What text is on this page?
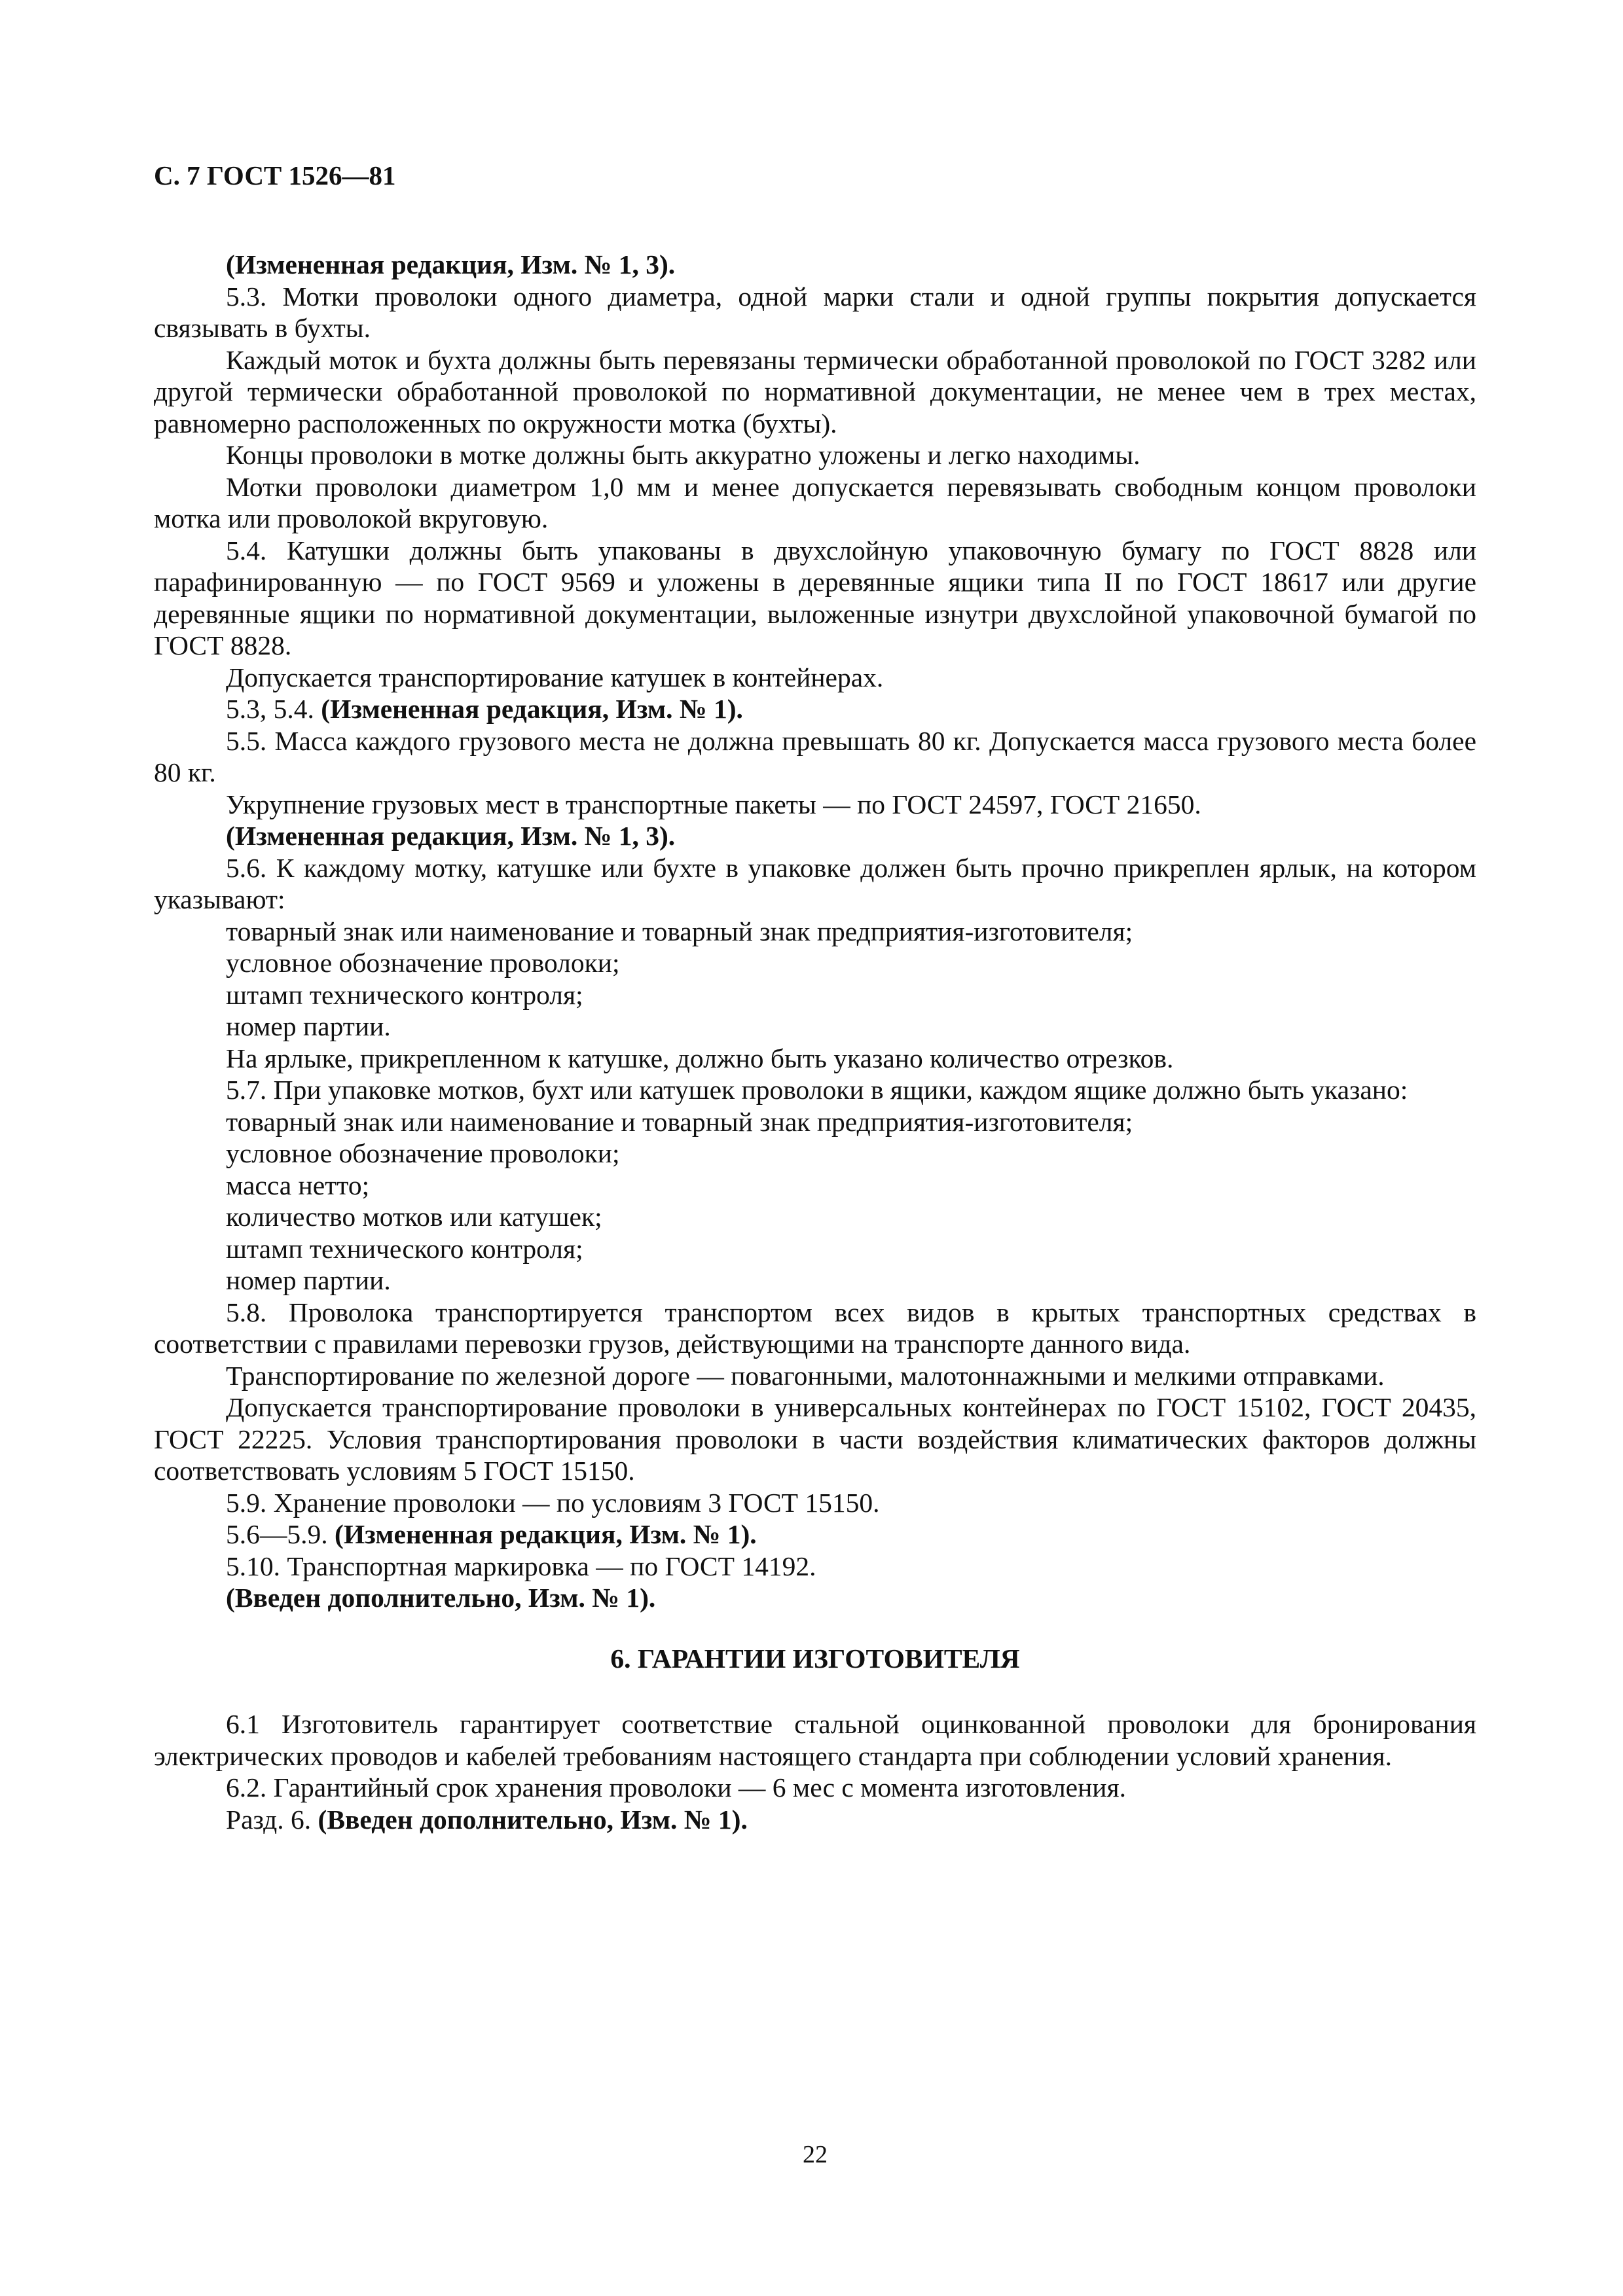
С. 7 ГОСТ 1526—81

(Измененная редакция, Изм. № 1, 3).

5.3. Мотки проволоки одного диаметра, одной марки стали и одной группы покрытия допускается связывать в бухты.

Каждый моток и бухта должны быть перевязаны термически обработанной проволокой по ГОСТ 3282 или другой термически обработанной проволокой по нормативной документации, не менее чем в трех местах, равномерно расположенных по окружности мотка (бухты).

Концы проволоки в мотке должны быть аккуратно уложены и легко находимы.

Мотки проволоки диаметром 1,0 мм и менее допускается перевязывать свободным концом проволоки мотка или проволокой вкруговую.

5.4. Катушки должны быть упакованы в двухслойную упаковочную бумагу по ГОСТ 8828 или парафинированную — по ГОСТ 9569 и уложены в деревянные ящики типа II по ГОСТ 18617 или другие деревянные ящики по нормативной документации, выложенные изнутри двухслойной упаковочной бумагой по ГОСТ 8828.

Допускается транспортирование катушек в контейнерах.

5.3, 5.4. (Измененная редакция, Изм. № 1).

5.5. Масса каждого грузового места не должна превышать 80 кг. Допускается масса грузового места более 80 кг.

Укрупнение грузовых мест в транспортные пакеты — по ГОСТ 24597, ГОСТ 21650.

(Измененная редакция, Изм. № 1, 3).

5.6. К каждому мотку, катушке или бухте в упаковке должен быть прочно прикреплен ярлык, на котором указывают:

товарный знак или наименование и товарный знак предприятия-изготовителя;

условное обозначение проволоки;

штамп технического контроля;

номер партии.

На ярлыке, прикрепленном к катушке, должно быть указано количество отрезков.

5.7. При упаковке мотков, бухт или катушек проволоки в ящики, каждом ящике должно быть указано:

товарный знак или наименование и товарный знак предприятия-изготовителя;

условное обозначение проволоки;

масса нетто;

количество мотков или катушек;

штамп технического контроля;

номер партии.

5.8. Проволока транспортируется транспортом всех видов в крытых транспортных средствах в соответствии с правилами перевозки грузов, действующими на транспорте данного вида.

Транспортирование по железной дороге — повагонными, малотоннажными и мелкими отправками.

Допускается транспортирование проволоки в универсальных контейнерах по ГОСТ 15102, ГОСТ 20435, ГОСТ 22225. Условия транспортирования проволоки в части воздействия климатических факторов должны соответствовать условиям 5 ГОСТ 15150.

5.9. Хранение проволоки — по условиям 3 ГОСТ 15150.

5.6—5.9. (Измененная редакция, Изм. № 1).

5.10. Транспортная маркировка — по ГОСТ 14192.

(Введен дополнительно, Изм. № 1).

6. ГАРАНТИИ ИЗГОТОВИТЕЛЯ

6.1 Изготовитель гарантирует соответствие стальной оцинкованной проволоки для бронирования электрических проводов и кабелей требованиям настоящего стандарта при соблюдении условий хранения.

6.2. Гарантийный срок хранения проволоки — 6 мес с момента изготовления.

Разд. 6. (Введен дополнительно, Изм. № 1).

22
